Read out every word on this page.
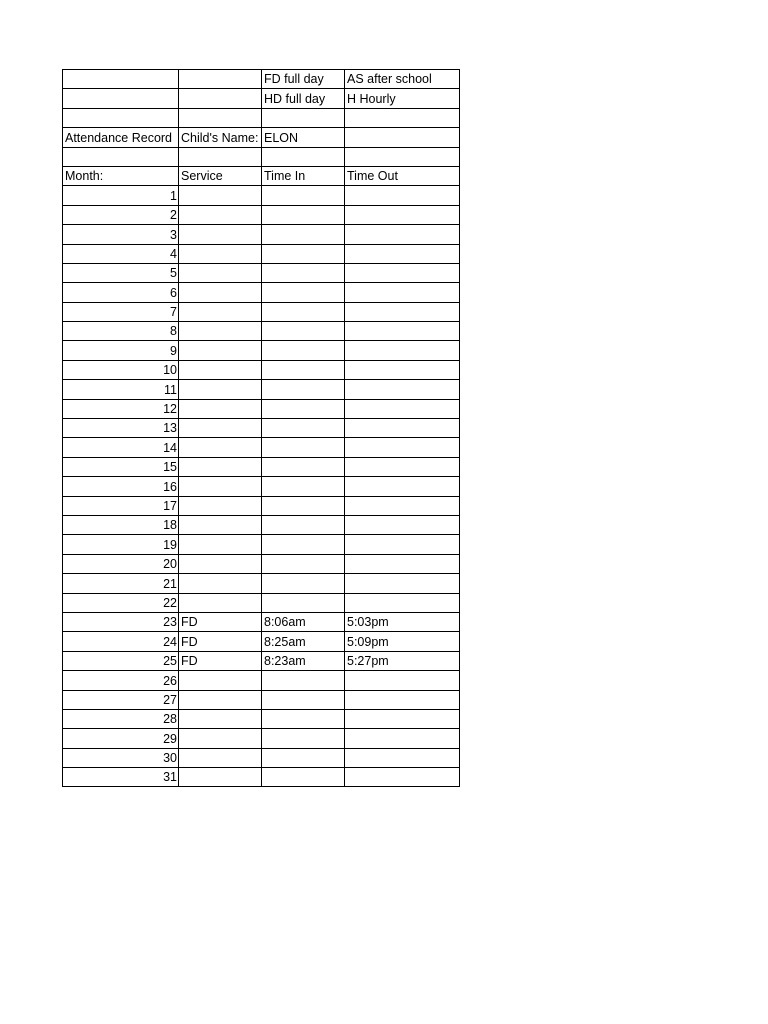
		FD full day	AS after school
		HD full day	H Hourly

Attendance Record	Child's Name:	ELON	

Month:	Service	Time In	Time Out
1			
2			
3			
4			
5			
6			
7			
8			
9			
10			
11			
12			
13			
14			
15			
16			
17			
18			
19			
20			
21			
22			
23	FD	8:06am	5:03pm
24	FD	8:25am	5:09pm
25	FD	8:23am	5:27pm
26			
27			
28			
29			
30			
31			
